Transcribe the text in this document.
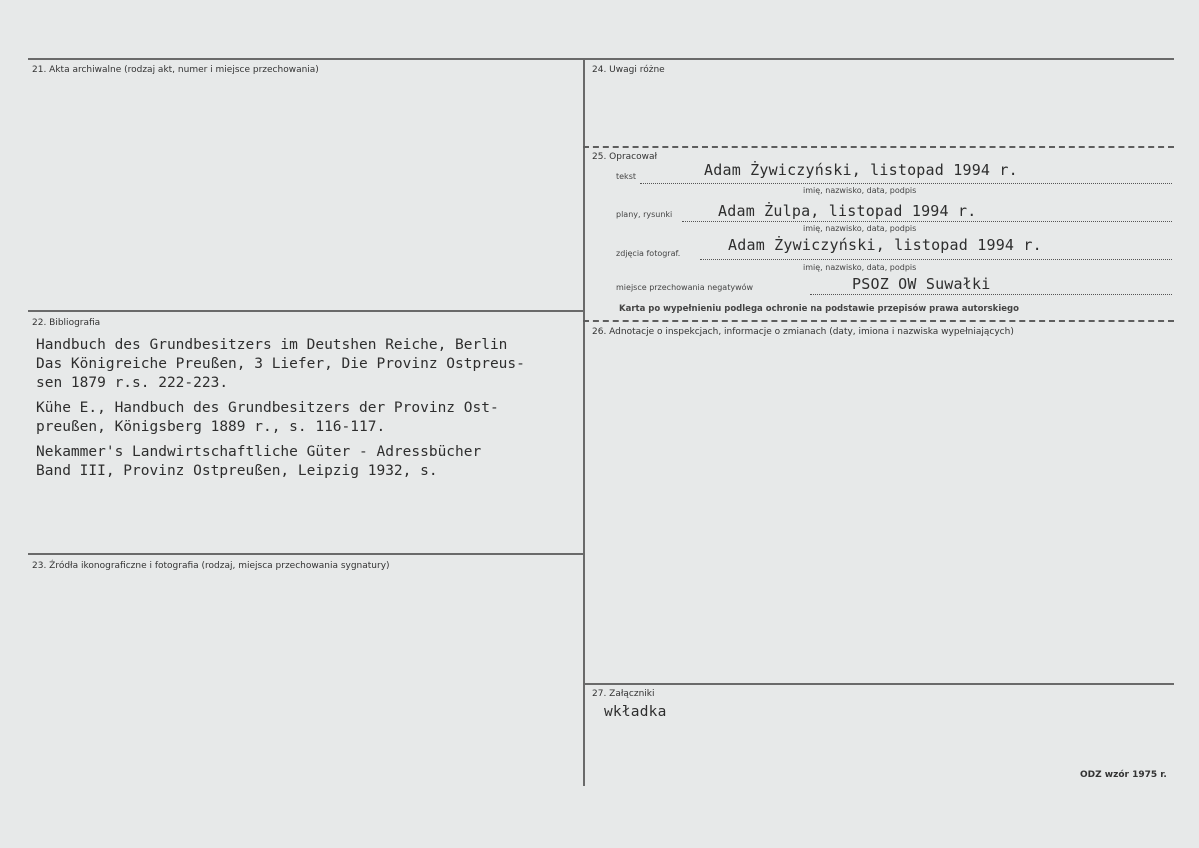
21. Akta archiwalne (rodzaj akt, numer i miejsce przechowania)
22. Bibliografia
Handbuch des Grundbesitzers im Deutshen Reiche, Berlin
Das Königreiche Preußen, 3 Liefer, Die Provinz Ostpreus-
sen 1879 r.s. 222-223.
Kühe E., Handbuch des Grundbesitzers der Provinz Ost-
preußen, Königsberg 1889 r., s. 116-117.
Nekammer's Landwirtschaftliche Güter - Adressbücher
Band III, Provinz Ostpreußen, Leipzig 1932, s.
23. Źródła ikonograficzne i fotografia (rodzaj, miejsca przechowania sygnatury)
24. Uwagi różne
25. Opracował
tekst	Adam Żywiczyński, listopad 1994 r.
imię, nazwisko, data, podpis
plany, rysunki	Adam Żulpa, listopad 1994 r.
imię, nazwisko, data, podpis
zdjęcia fotograf.	Adam Żywiczyński, listopad 1994 r.
imię, nazwisko, data, podpis
miejsce przechowania negatywów	PSOZ OW Suwałki
Karta po wypełnieniu podlega ochronie na podstawie przepisów prawa autorskiego
26. Adnotacje o inspekcjach, informacje o zmianach (daty, imiona i nazwiska wypełniających)
27. Załączniki
wkładka
ODZ wzór 1975 r.
